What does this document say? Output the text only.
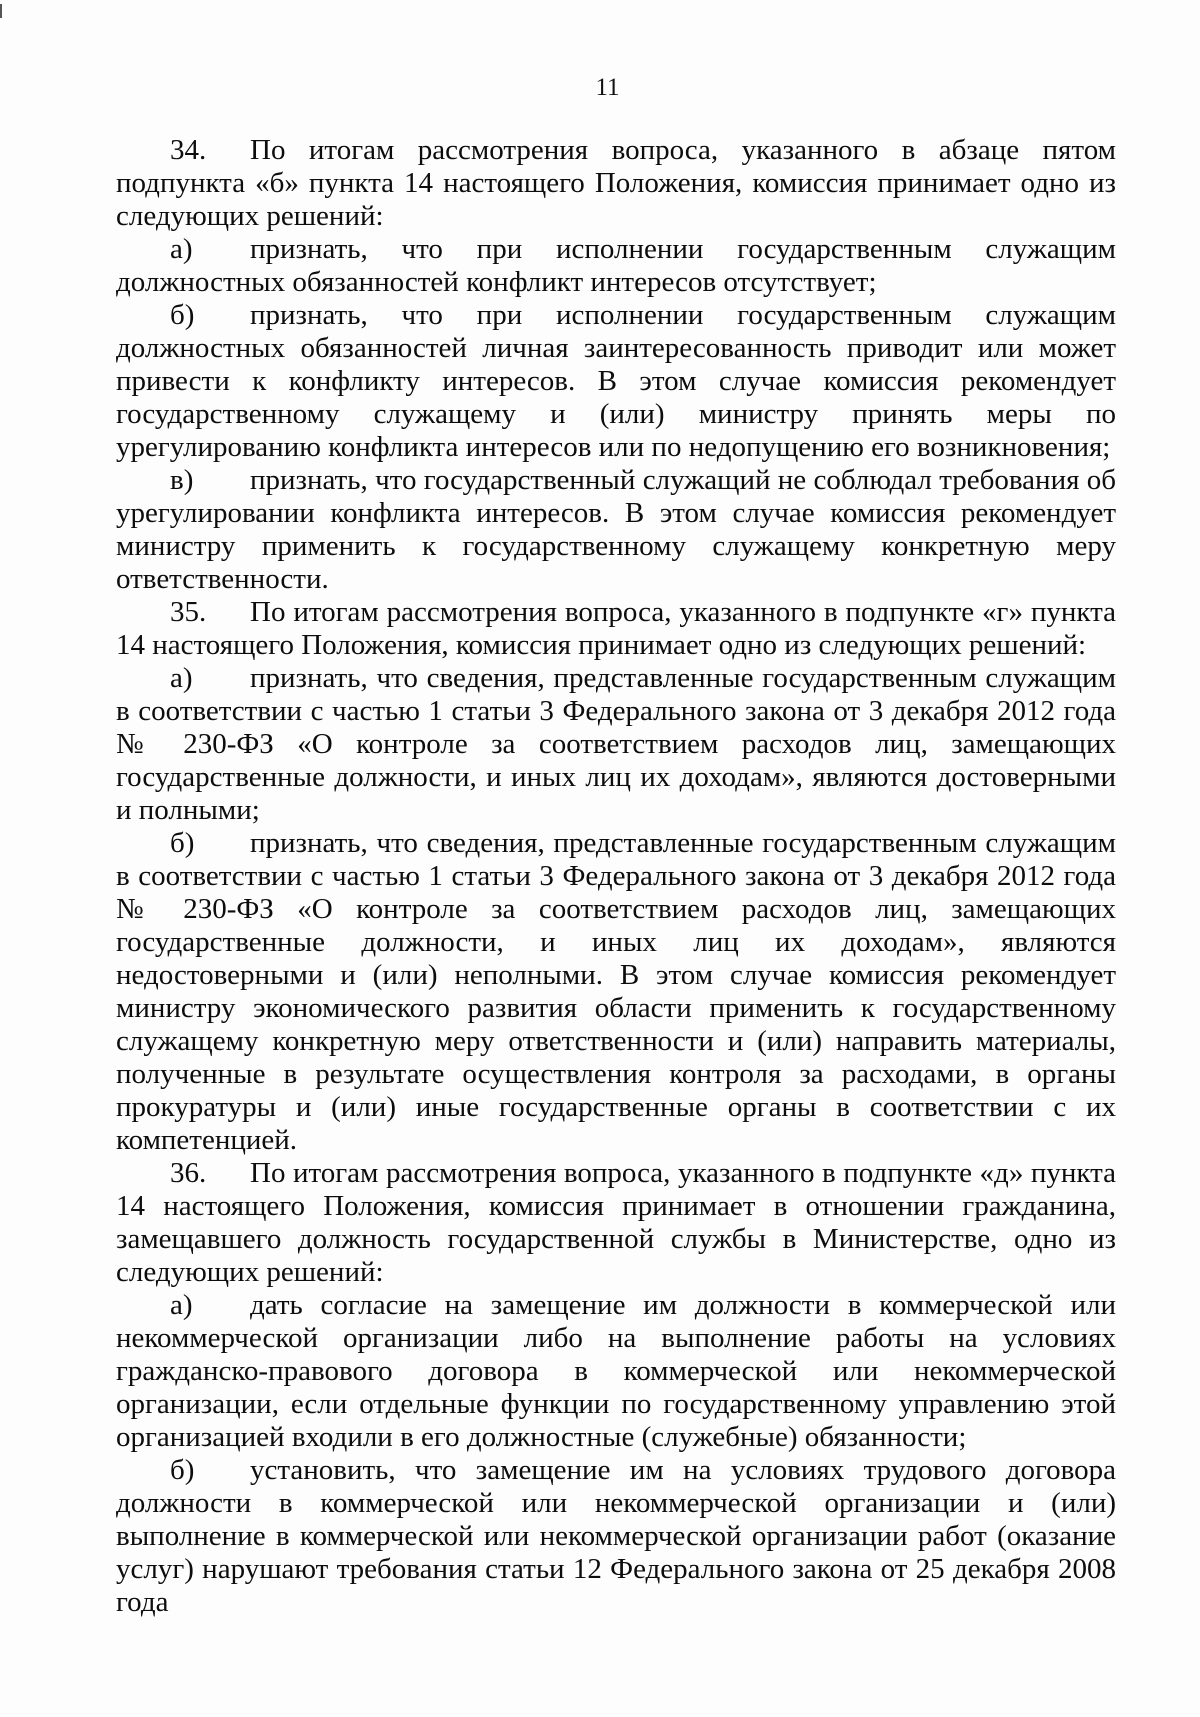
11

34. По итогам рассмотрения вопроса, указанного в абзаце пятом подпункта «б» пункта 14 настоящего Положения, комиссия принимает одно из следующих решений:

а) признать, что при исполнении государственным служащим должностных обязанностей конфликт интересов отсутствует;

б) признать, что при исполнении государственным служащим должностных обязанностей личная заинтересованность приводит или может привести к конфликту интересов. В этом случае комиссия рекомендует государственному служащему и (или) министру принять меры по урегулированию конфликта интересов или по недопущению его возникновения;

в) признать, что государственный служащий не соблюдал требования об урегулировании конфликта интересов. В этом случае комиссия рекомендует министру применить к государственному служащему конкретную меру ответственности.

35. По итогам рассмотрения вопроса, указанного в подпункте «г» пункта 14 настоящего Положения, комиссия принимает одно из следующих решений:

а) признать, что сведения, представленные государственным служащим в соответствии с частью 1 статьи 3 Федерального закона от 3 декабря 2012 года № 230-ФЗ «О контроле за соответствием расходов лиц, замещающих государственные должности, и иных лиц их доходам», являются достоверными и полными;

б) признать, что сведения, представленные государственным служащим в соответствии с частью 1 статьи 3 Федерального закона от 3 декабря 2012 года № 230-ФЗ «О контроле за соответствием расходов лиц, замещающих государственные должности, и иных лиц их доходам», являются недостоверными и (или) неполными. В этом случае комиссия рекомендует министру экономического развития области применить к государственному служащему конкретную меру ответственности и (или) направить материалы, полученные в результате осуществления контроля за расходами, в органы прокуратуры и (или) иные государственные органы в соответствии с их компетенцией.

36. По итогам рассмотрения вопроса, указанного в подпункте «д» пункта 14 настоящего Положения, комиссия принимает в отношении гражданина, замещавшего должность государственной службы в Министерстве, одно из следующих решений:

а) дать согласие на замещение им должности в коммерческой или некоммерческой организации либо на выполнение работы на условиях гражданско-правового договора в коммерческой или некоммерческой организации, если отдельные функции по государственному управлению этой организацией входили в его должностные (служебные) обязанности;

б) установить, что замещение им на условиях трудового договора должности в коммерческой или некоммерческой организации и (или) выполнение в коммерческой или некоммерческой организации работ (оказание услуг) нарушают требования статьи 12 Федерального закона от 25 декабря 2008 года
